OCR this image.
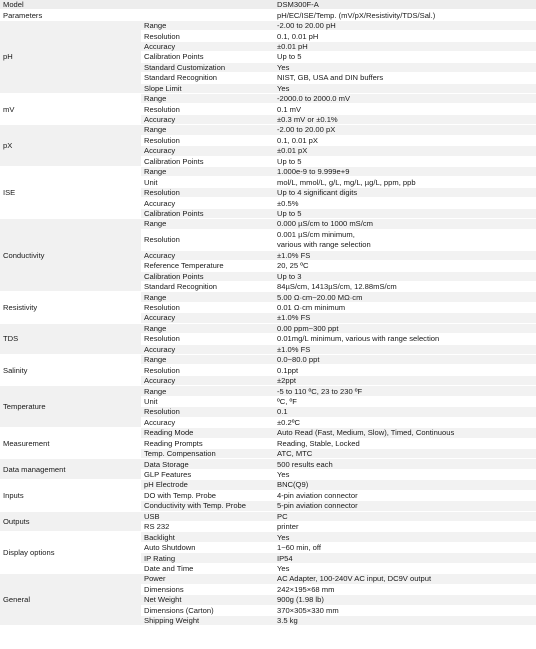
Model		DSM300F-A
Parameters		pH/EC/ISE/Temp. (mV/pX/Resistivity/TDS/Sal.)
pH	Range	-2.00 to 20.00 pH
	Resolution	0.1, 0.01 pH
	Accuracy	±0.01 pH
	Calibration Points	Up to 5
	Standard Customization	Yes
	Standard Recognition	NIST, GB, USA and DIN buffers
	Slope Limit	Yes
mV	Range	-2000.0 to 2000.0 mV
	Resolution	0.1 mV
	Accuracy	±0.3 mV or ±0.1%
pX	Range	-2.00 to 20.00 pX
	Resolution	0.1, 0.01 pX
	Accuracy	±0.01 pX
	Calibration Points	Up to 5
ISE	Range	1.000e-9 to 9.999e+9
	Unit	mol/L, mmol/L, g/L, mg/L, µg/L, ppm, ppb
	Resolution	Up to 4 significant digits
	Accuracy	±0.5%
	Calibration Points	Up to 5
Conductivity	Range	0.000 µS/cm to 1000 mS/cm
	Resolution	0.001 µS/cm minimum,
various with range selection

	Accuracy	±1.0% FS
	Reference Temperature	20, 25 ºC
	Calibration Points	Up to 3
	Standard Recognition	84µS/cm, 1413µS/cm, 12.88mS/cm
Resistivity	Range	5.00 Ω·cm~20.00 MΩ·cm
	Resolution	0.01 Ω·cm minimum
	Accuracy	±1.0% FS
TDS	Range	0.00 ppm~300 ppt
	Resolution	0.01mg/L minimum, various with range selection
	Accuracy	±1.0% FS
Salinity	Range	0.0~80.0 ppt
	Resolution	0.1ppt
	Accuracy	±2ppt
Temperature	Range	-5 to 110 ºC, 23 to 230 ºF
	Unit	ºC, ºF
	Resolution	0.1
	Accuracy	±0.2ºC
Measurement	Reading Mode	Auto Read (Fast, Medium, Slow), Timed, Continuous
	Reading Prompts	Reading, Stable, Locked
	Temp. Compensation	ATC, MTC
Data management	Data Storage	500 results each
	GLP Features	Yes
Inputs	pH Electrode	BNC(Q9)
	DO with Temp. Probe	4-pin aviation connector
	Conductivity with Temp. Probe	5-pin aviation connector
Outputs	USB	PC
	RS 232	printer
Display options	Backlight	Yes
	Auto Shutdown	1~60 min, off
	IP Rating	IP54
	Date and Time	Yes
General	Power	AC Adapter, 100-240V AC input, DC9V output
	Dimensions	242×195×68 mm
	Net Weight	900g (1.98 lb)
	Dimensions (Carton)	370×305×330 mm
	Shipping Weight	3.5 kg
